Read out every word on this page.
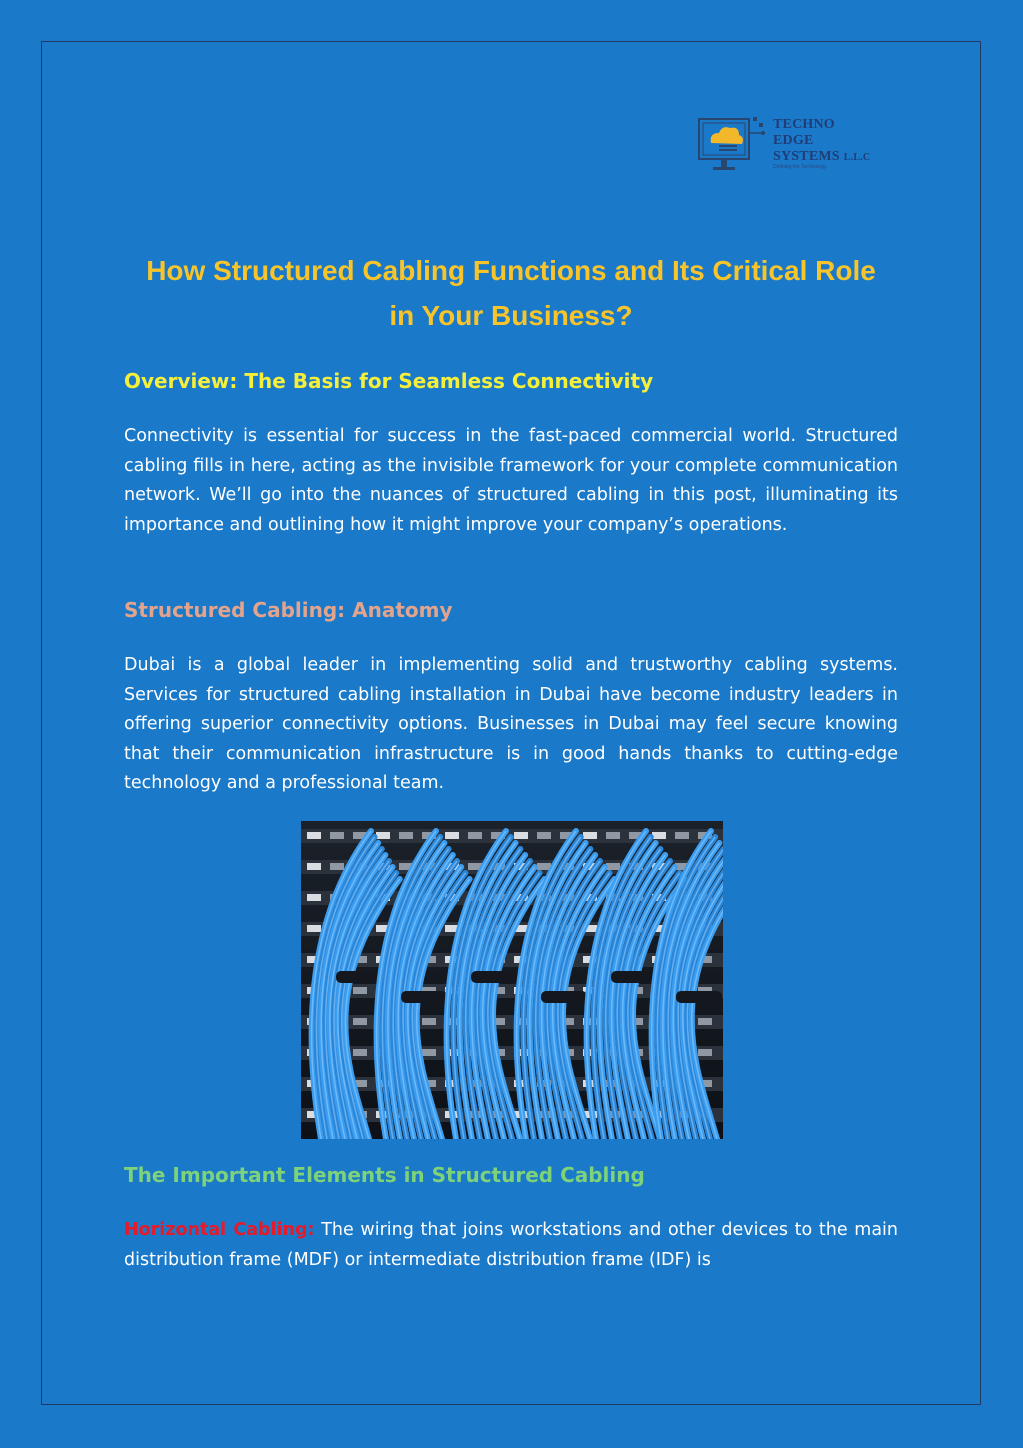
TECHNO
EDGE
SYSTEMS L.L.C
Defining the Technology
How Structured Cabling Functions and Its Critical Role in Your Business?
Overview: The Basis for Seamless Connectivity

Connectivity is essential for success in the fast-paced commercial world. Structured cabling fills in here, acting as the invisible framework for your complete communication network. We’ll go into the nuances of structured cabling in this post, illuminating its importance and outlining how it might improve your company’s operations.

Structured Cabling: Anatomy

Dubai is a global leader in implementing solid and trustworthy cabling systems. Services for structured cabling installation in Dubai have become industry leaders in offering superior connectivity options. Businesses in Dubai may feel secure knowing that their communication infrastructure is in good hands thanks to cutting-edge technology and a professional team.

The Important Elements in Structured Cabling

Horizontal Cabling: The wiring that joins workstations and other devices to the main distribution frame (MDF) or intermediate distribution frame (IDF) is
